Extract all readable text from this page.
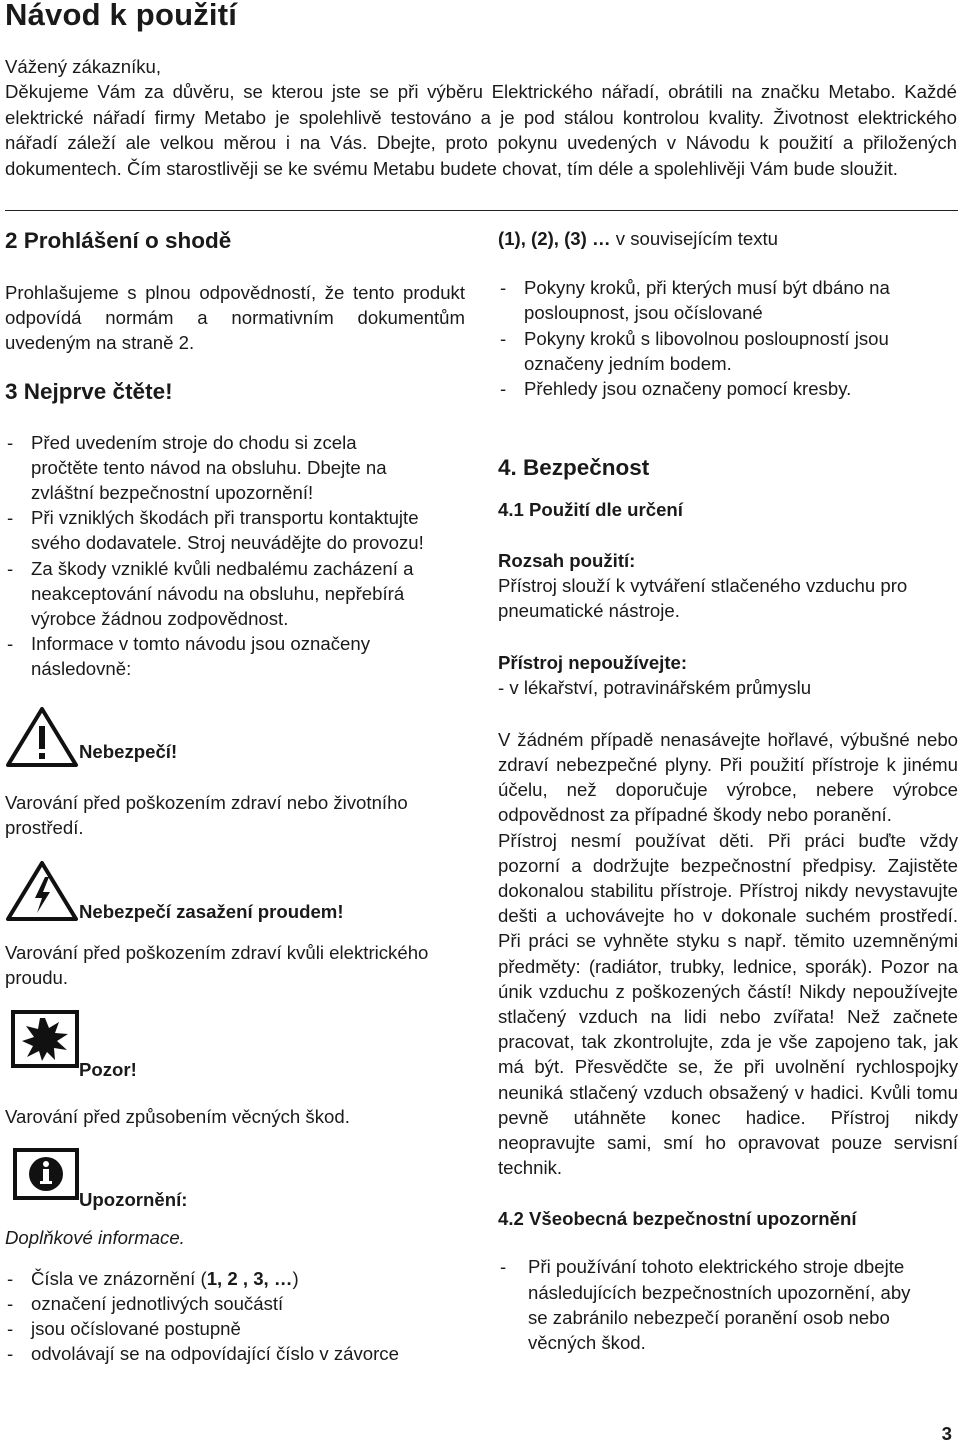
Návod k použití

Vážený zákazníku,

Děkujeme Vám za důvěru, se kterou jste se při výběru Elektrického nářadí, obrátili na značku Metabo. Každé elektrické nářadí firmy Metabo je spolehlivě testováno a je pod stálou kontrolou kvality. Životnost elektrického nářadí záleží ale velkou měrou i na Vás. Dbejte, proto pokynu uvedených v Návodu k použití a přiložených dokumentech. Čím starostlivěji se ke svému Metabu budete chovat, tím déle a spolehlivěji Vám bude sloužit.

2 Prohlášení o shodě

Prohlašujeme s plnou odpovědností, že tento produkt odpovídá normám a normativním dokumentům uvedeným na straně 2.

3 Nejprve čtěte!
- Před uvedením stroje do chodu si zcela pročtěte tento návod na obsluhu. Dbejte na zvláštní bezpečnostní upozornění!
- Při vzniklých škodách při transportu kontaktujte svého dodavatele. Stroj neuvádějte do provozu!
- Za škody vzniklé kvůli nedbalému zacházení a neakceptování návodu na obsluhu, nepřebírá výrobce žádnou zodpovědnost.
- Informace v tomto návodu jsou označeny následovně:
Nebezpečí!

Varování před poškozením zdraví nebo životního prostředí.

Nebezpečí zasažení proudem!

Varování před poškozením zdraví kvůli elektrického proudu.

Pozor!

Varování před způsobením věcných škod.

Upozornění:

Doplňkové informace.

- Čísla ve znázornění (1, 2 , 3, …)
- označení jednotlivých součástí
- jsou očíslované postupně
- odvolávají se na odpovídající číslo v závorce

(1), (2), (3) … v souvisejícím textu

- Pokyny kroků, při kterých musí být dbáno na posloupnost, jsou očíslované
- Pokyny kroků s libovolnou posloupností jsou označeny jedním bodem.
- Přehledy jsou označeny pomocí kresby.
4. Bezpečnost
4.1 Použití dle určení
Rozsah použití:

Přístroj slouží k vytváření stlačeného vzduchu pro pneumatické nástroje.

Přístroj nepoužívejte:

- v lékařství, potravinářském průmyslu

V žádném případě nenasávejte hořlavé, výbušné nebo zdraví nebezpečné plyny. Při použití přístroje k jinému účelu, než doporučuje výrobce, nebere výrobce odpovědnost za případné škody nebo poranění.

Přístroj nesmí používat děti. Při práci buďte vždy pozorní a dodržujte bezpečnostní předpisy. Zajistěte dokonalou stabilitu přístroje. Přístroj nikdy nevystavujte dešti a uchovávejte ho v dokonale suchém prostředí. Při práci se vyhněte styku s např. těmito uzemněnými předměty: (radiátor, trubky, lednice, sporák). Pozor na únik vzduchu z poškozených částí! Nikdy nepoužívejte stlačený vzduch na lidi nebo zvířata! Než začnete pracovat, tak zkontrolujte, zda je vše zapojeno tak, jak má být. Přesvědčte se, že při uvolnění rychlospojky neuniká stlačený vzduch obsažený v hadici. Kvůli tomu pevně utáhněte konec hadice. Přístroj nikdy neopravujte sami, smí ho opravovat pouze servisní technik.

4.2 Všeobecná bezpečnostní upozornění
- Při používání tohoto elektrického stroje dbejte následujících bezpečnostních upozornění, aby se zabránilo nebezpečí poranění osob nebo věcných škod.
3
